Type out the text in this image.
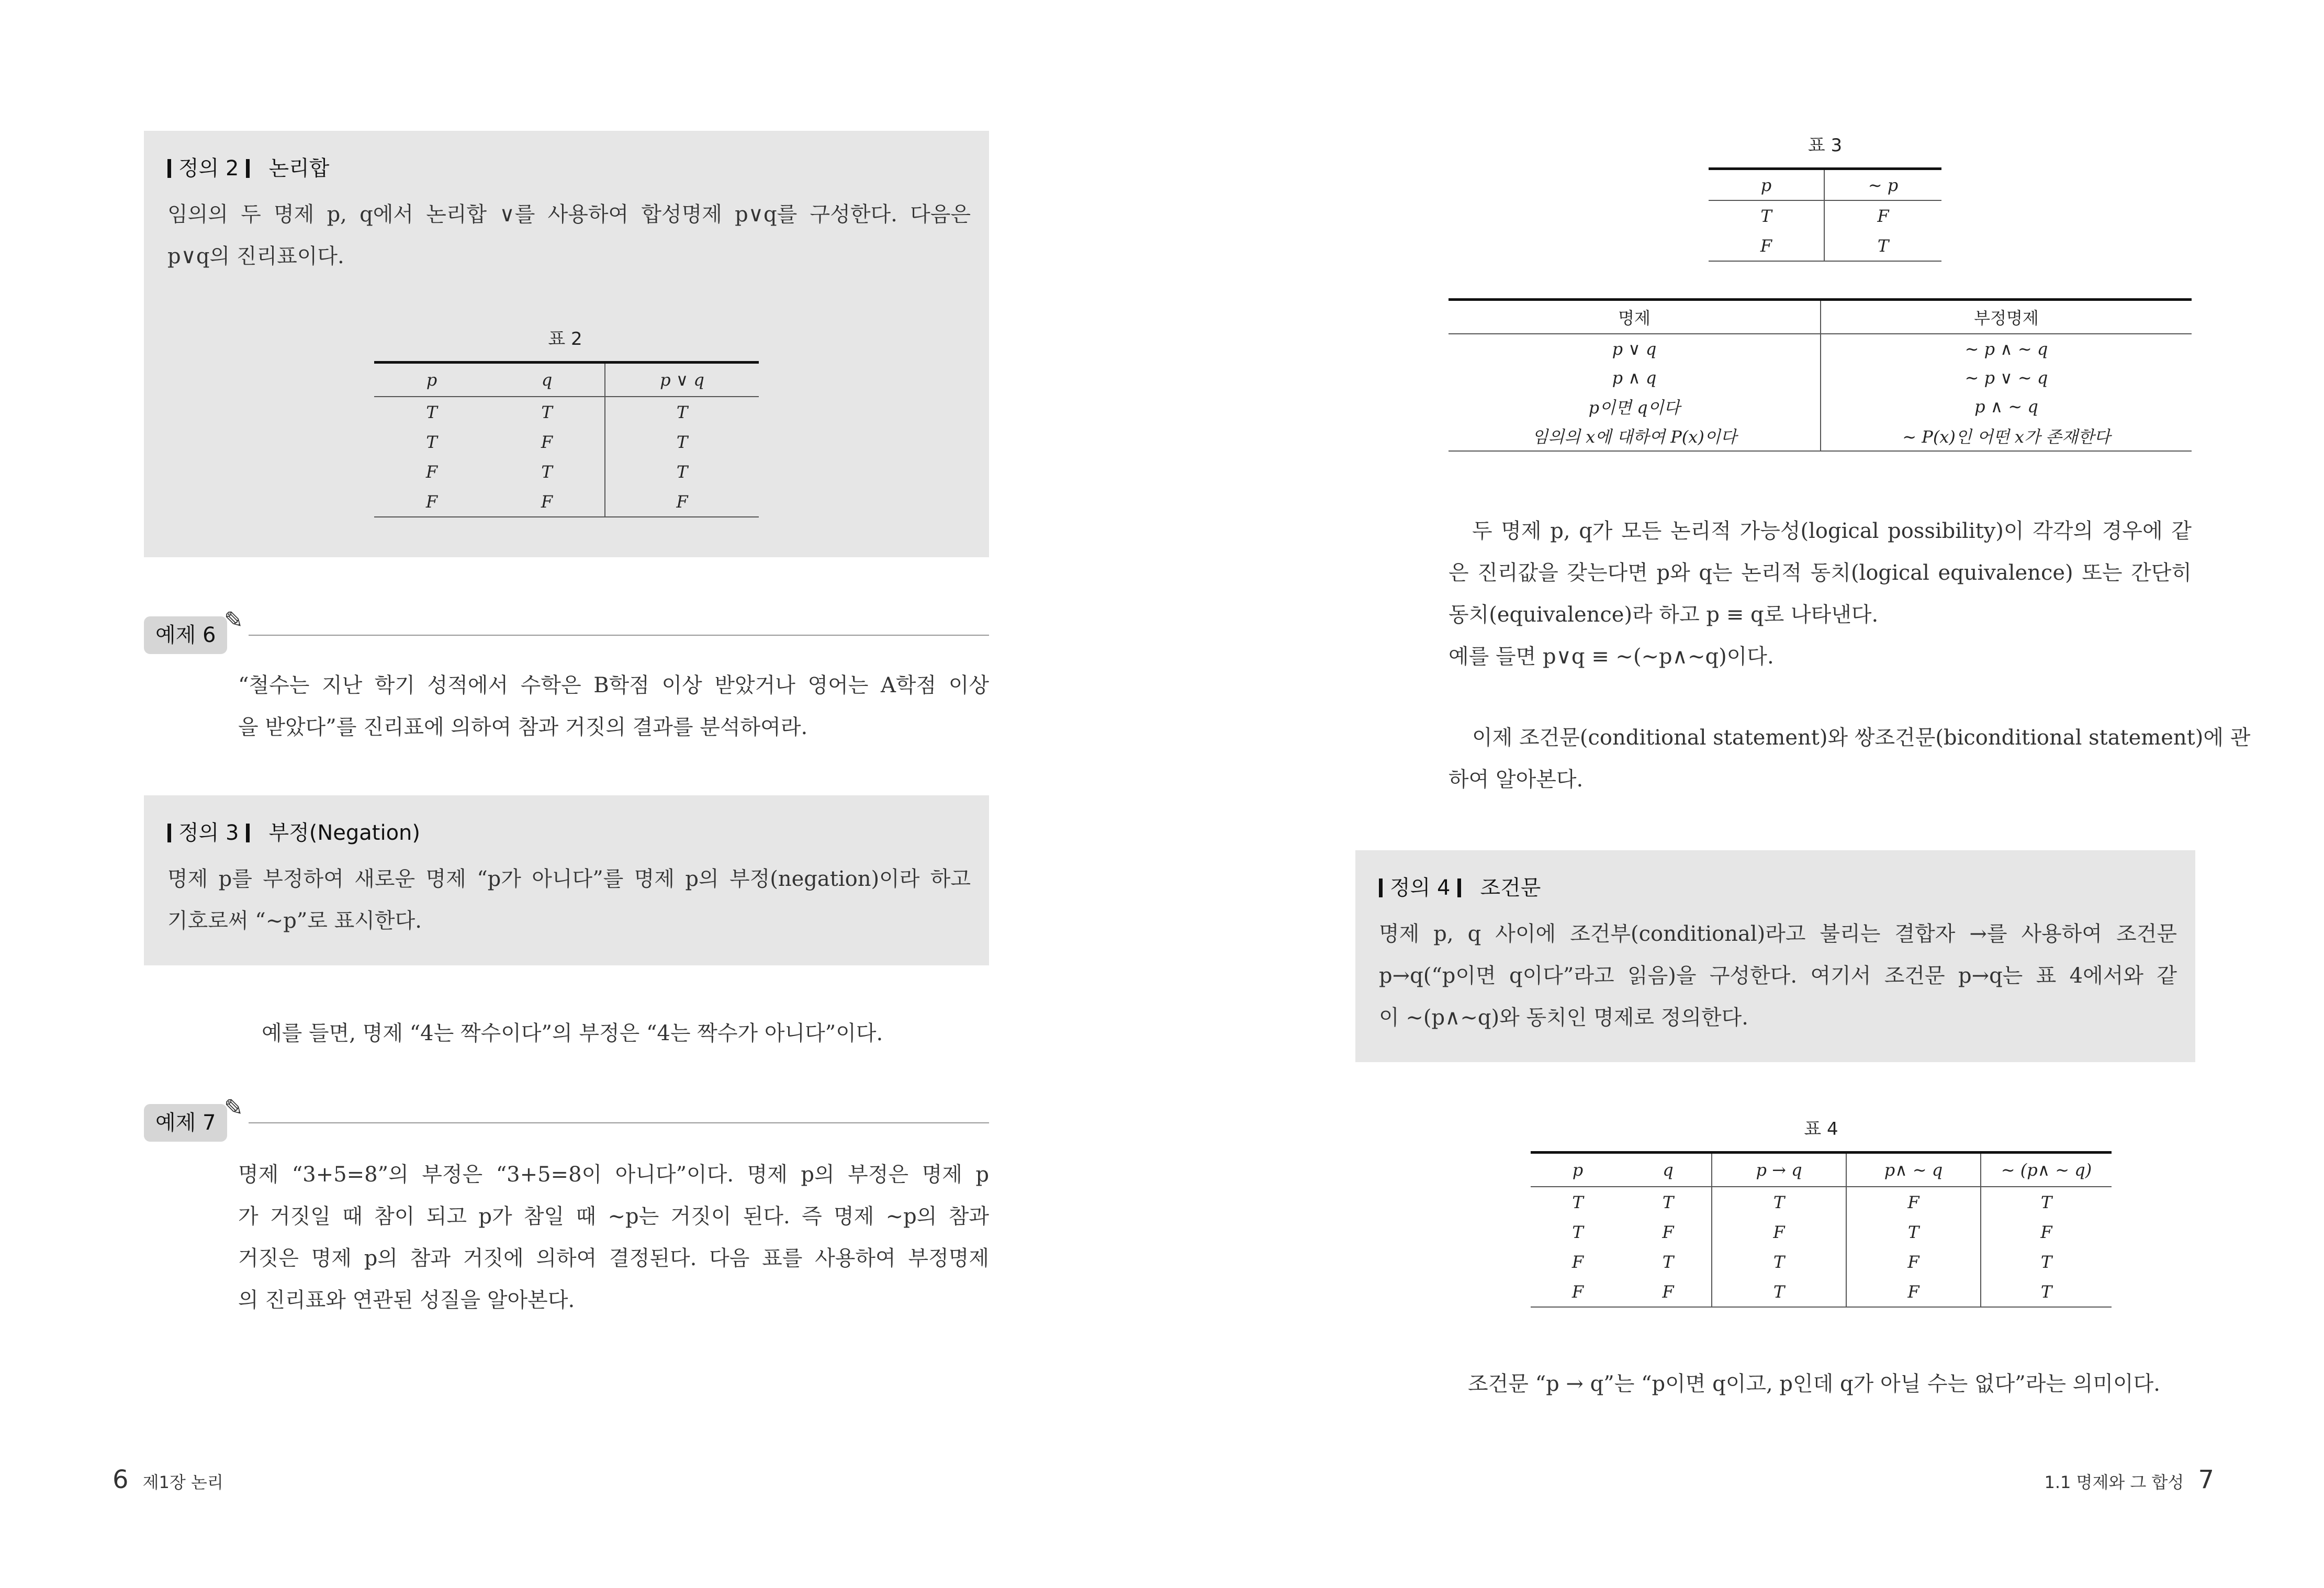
정의 2 논리합
임의의 두 명제 p, q에서 논리합 ∨를 사용하여 합성명제 p∨q를 구성한다. 다음은
p∨q의 진리표이다.
표 2
p	q	p ∨ q
T	T	T
T	F	T
F	T	T
F	F	F
예제 6
✎
“철수는 지난 학기 성적에서 수학은 B학점 이상 받았거나 영어는 A학점 이상
을 받았다”를 진리표에 의하여 참과 거짓의 결과를 분석하여라.
정의 3 부정(Negation)
명제 p를 부정하여 새로운 명제 “p가 아니다”를 명제 p의 부정(negation)이라 하고
기호로써 “∼p”로 표시한다.
예를 들면, 명제 “4는 짝수이다”의 부정은 “4는 짝수가 아니다”이다.
예제 7
✎
명제 “3+5=8”의 부정은 “3+5=8이 아니다”이다. 명제 p의 부정은 명제 p
가 거짓일 때 참이 되고 p가 참일 때 ∼p는 거짓이 된다. 즉 명제 ∼p의 참과
거짓은 명제 p의 참과 거짓에 의하여 결정된다. 다음 표를 사용하여 부정명제
의 진리표와 연관된 성질을 알아본다.
6 제1장 논리
표 3
p	∼ p
T	F
F	T
명제	부정명제
p ∨ q	∼ p ∧ ∼ q
p ∧ q	∼ p ∨ ∼ q
p이면 q이다	p ∧ ∼ q
임의의 x에 대하여 P(x)이다	∼ P(x)인 어떤 x가 존재한다
두 명제 p, q가 모든 논리적 가능성(logical possibility)이 각각의 경우에 같
은 진리값을 갖는다면 p와 q는 논리적 동치(logical equivalence) 또는 간단히
동치(equivalence)라 하고 p ≡ q로 나타낸다.
예를 들면 p∨q ≡ ∼(∼p∧∼q)이다.
이제 조건문(conditional statement)와 쌍조건문(biconditional statement)에 관
하여 알아본다.
정의 4 조건문
명제 p, q 사이에 조건부(conditional)라고 불리는 결합자 →를 사용하여 조건문
p→q(“p이면 q이다”라고 읽음)을 구성한다. 여기서 조건문 p→q는 표 4에서와 같
이 ∼(p∧∼q)와 동치인 명제로 정의한다.
표 4
p	q	p → q	p∧ ∼ q	∼ (p∧ ∼ q)
T	T	T	F	T
T	F	F	T	F
F	T	T	F	T
F	F	T	F	T
조건문 “p → q”는 “p이면 q이고, p인데 q가 아닐 수는 없다”라는 의미이다.
1.1 명제와 그 합성 7
